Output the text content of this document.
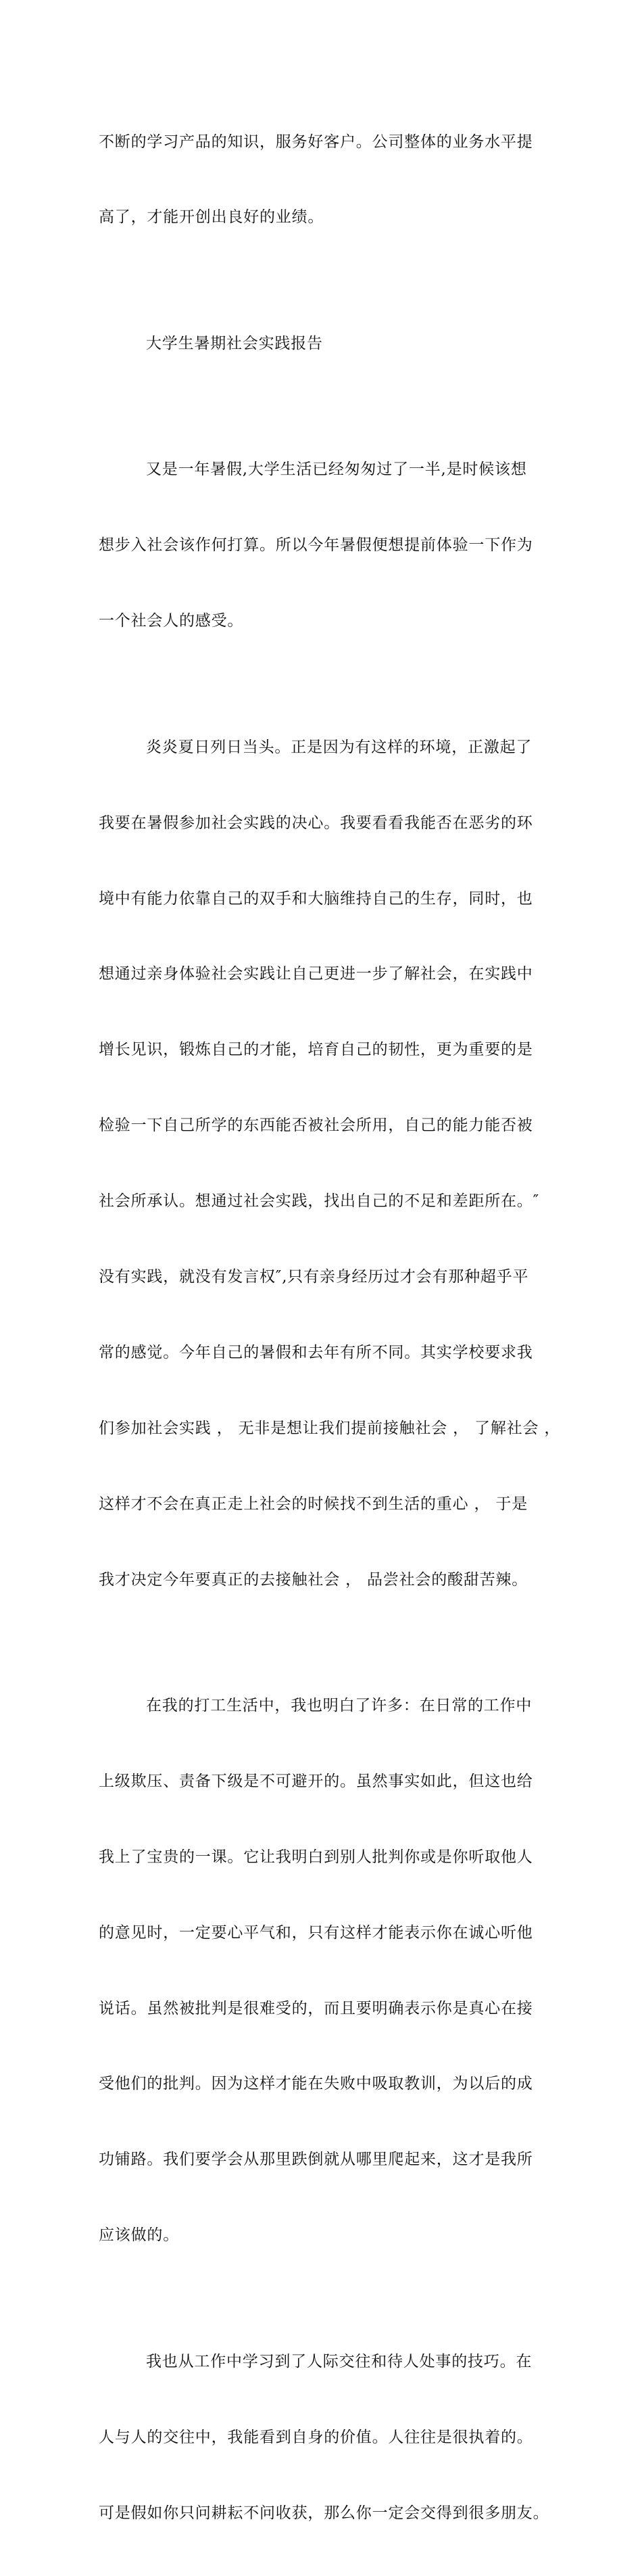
不断的学习产品的知识，服务好客户。公司整体的业务水平提

高了，才能开创出良好的业绩。

大学生暑期社会实践报告

又是一年暑假,大学生活已经匆匆过了一半,是时候该想

想步入社会该作何打算。所以今年暑假便想提前体验一下作为

一个社会人的感受。

炎炎夏日列日当头。正是因为有这样的环境，正激起了

我要在暑假参加社会实践的决心。我要看看我能否在恶劣的环

境中有能力依靠自己的双手和大脑维持自己的生存，同时，也

想通过亲身体验社会实践让自己更进一步了解社会，在实践中

增长见识，锻炼自己的才能，培育自己的韧性，更为重要的是

检验一下自己所学的东西能否被社会所用，自己的能力能否被

社会所承认。想通过社会实践，找出自己的不足和差距所在。″

没有实践，就没有发言权″,只有亲身经历过才会有那种超乎平

常的感觉。今年自己的暑假和去年有所不同。其实学校要求我

们参加社会实践 ， 无非是想让我们提前接触社会 ， 了解社会 ，

这样才不会在真正走上社会的时候找不到生活的重心 ， 于是

我才决定今年要真正的去接触社会 ， 品尝社会的酸甜苦辣。

在我的打工生活中，我也明白了许多：在日常的工作中

上级欺压、责备下级是不可避开的。虽然事实如此，但这也给

我上了宝贵的一课。它让我明白到别人批判你或是你听取他人

的意见时，一定要心平气和，只有这样才能表示你在诚心听他

说话。虽然被批判是很难受的，而且要明确表示你是真心在接

受他们的批判。因为这样才能在失败中吸取教训，为以后的成

功铺路。我们要学会从那里跌倒就从哪里爬起来，这才是我所

应该做的。

我也从工作中学习到了人际交往和待人处事的技巧。在

人与人的交往中，我能看到自身的价值。人往往是很执着的。

可是假如你只问耕耘不问收获，那么你一定会交得到很多朋友。
